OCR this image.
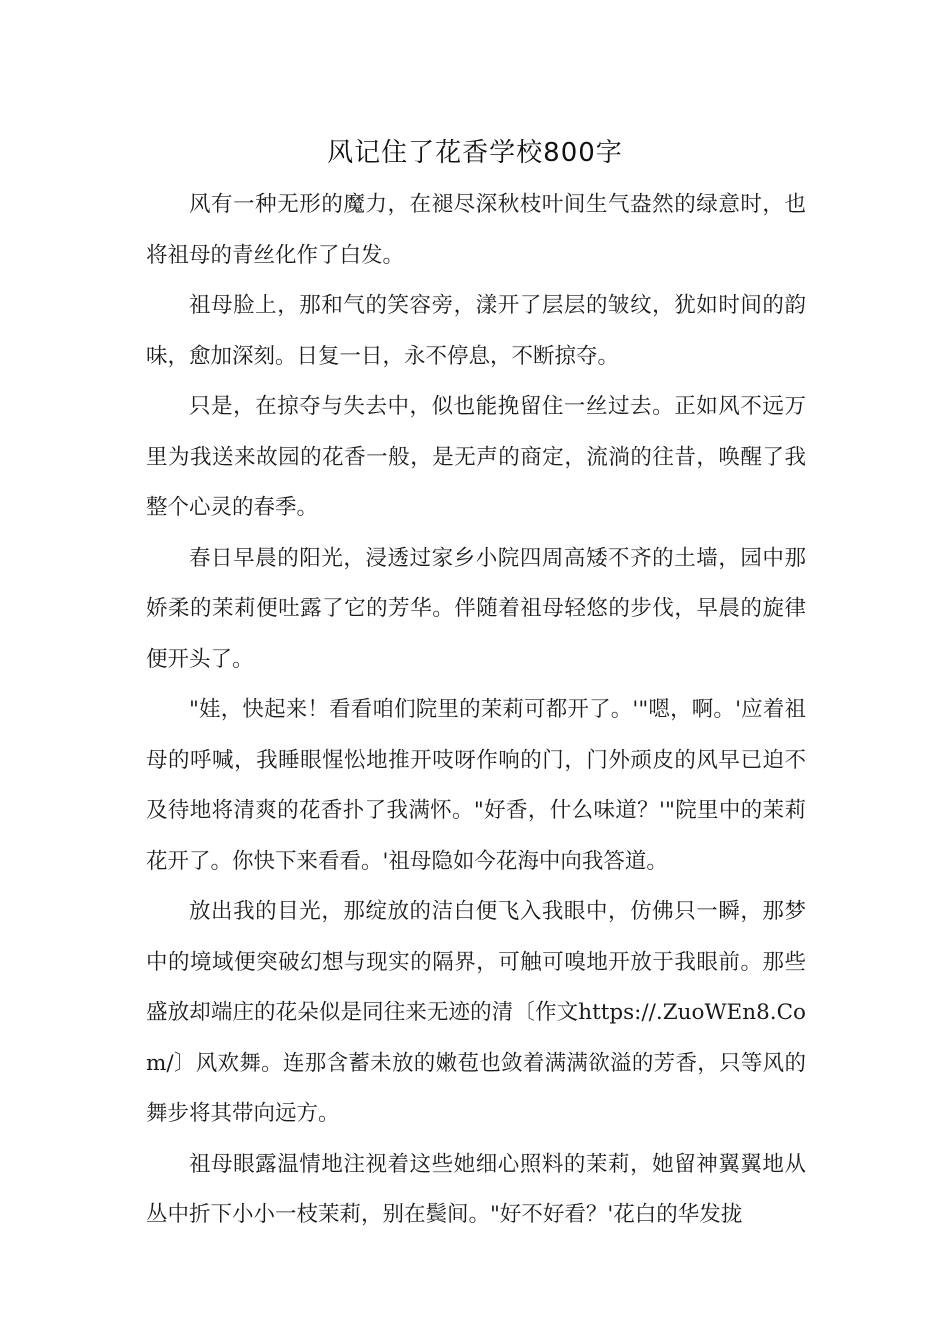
风记住了花香学校800字

风有一种无形的魔力，在褪尽深秋枝叶间生气盎然的绿意时，也将祖母的青丝化作了白发。

祖母脸上，那和气的笑容旁，漾开了层层的皱纹，犹如时间的韵味，愈加深刻。日复一日，永不停息，不断掠夺。

只是，在掠夺与失去中，似也能挽留住一丝过去。正如风不远万里为我送来故园的花香一般，是无声的商定，流淌的往昔，唤醒了我整个心灵的春季。

春日早晨的阳光，浸透过家乡小院四周高矮不齐的土墙，园中那娇柔的茉莉便吐露了它的芳华。伴随着祖母轻悠的步伐，早晨的旋律便开头了。

"娃，快起来！看看咱们院里的茉莉可都开了。'"嗯，啊。'应着祖母的呼喊，我睡眼惺忪地推开吱呀作响的门，门外顽皮的风早已迫不及待地将清爽的花香扑了我满怀。"好香，什么味道？'"院里中的茉莉花开了。你快下来看看。'祖母隐如今花海中向我答道。

放出我的目光，那绽放的洁白便飞入我眼中，仿佛只一瞬，那梦中的境域便突破幻想与现实的隔界，可触可嗅地开放于我眼前。那些盛放却端庄的花朵似是同往来无迹的清〔作文https://.ZuoWEn8.Com/〕风欢舞。连那含蓄未放的嫩苞也敛着满满欲溢的芳香，只等风的舞步将其带向远方。

祖母眼露温情地注视着这些她细心照料的茉莉，她留神翼翼地从丛中折下小小一枝茉莉，别在鬓间。"好不好看？'花白的华发拢
